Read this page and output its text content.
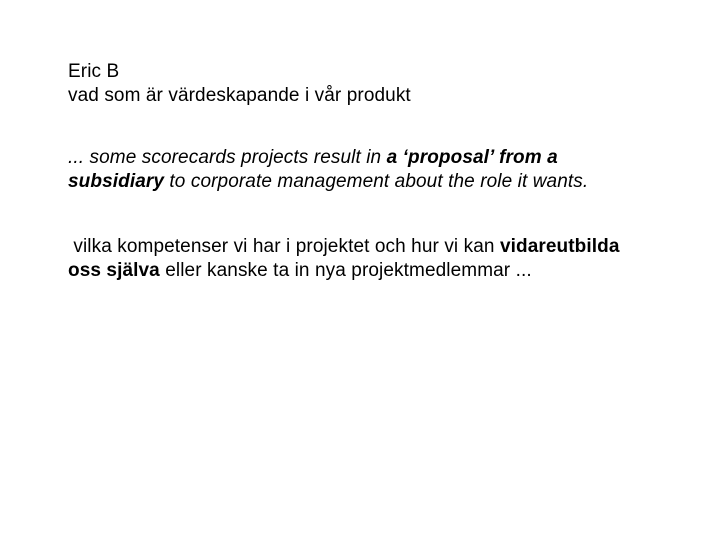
Eric B
vad som är värdeskapande i vår produkt
... some scorecards projects result in a ‘proposal’ from a
subsidiary to corporate management about the role it wants.
vilka kompetenser vi har i projektet och hur vi kan vidareutbilda
oss själva eller kanske ta in nya projektmedlemmar ...
